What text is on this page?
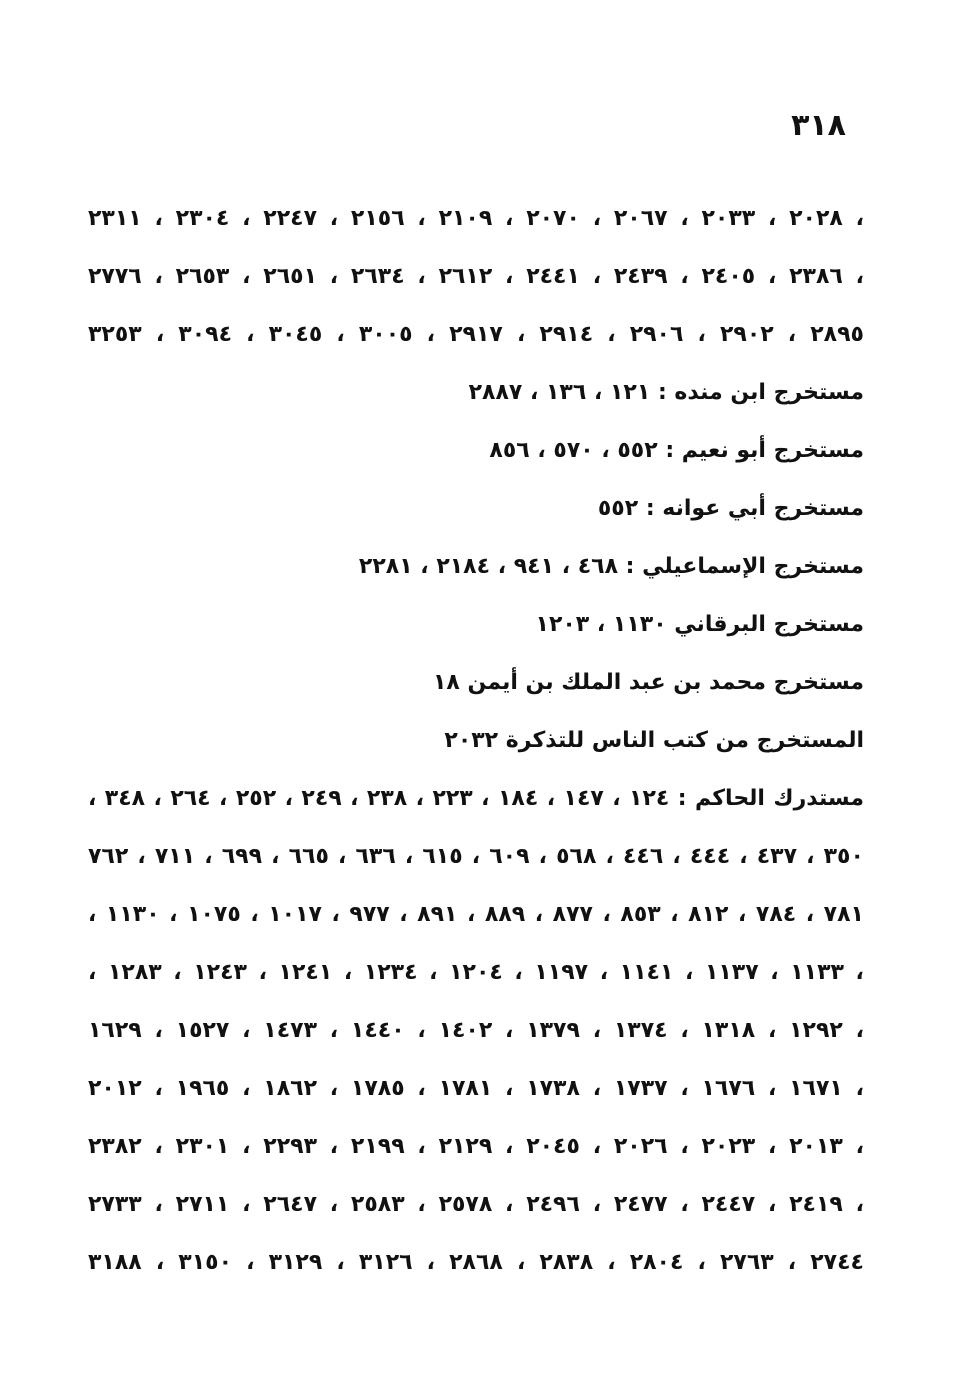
٣١٨
٢٠٢٨ ، ٢٠٣٣ ، ٢٠٦٧ ، ٢٠٧٠ ، ٢١٠٩ ، ٢١٥٦ ، ٢٢٤٧ ، ٢٣٠٤ ، ٢٣١١ ،
٢٣٨٦ ، ٢٤٠٥ ، ٢٤٣٩ ، ٢٤٤١ ، ٢٦١٢ ، ٢٦٣٤ ، ٢٦٥١ ، ٢٦٥٣ ، ٢٧٧٦ ،
٢٨٩٥ ، ٢٩٠٢ ، ٢٩٠٦ ، ٢٩١٤ ، ٢٩١٧ ، ٣٠٠٥ ، ٣٠٤٥ ، ٣٠٩٤ ، ٣٢٥٣
مستخرج ابن منده : ١٢١ ، ١٣٦ ، ٢٨٨٧
مستخرج أبو نعيم : ٥٥٢ ، ٥٧٠ ، ٨٥٦
مستخرج أبي عوانه : ٥٥٢
مستخرج الإسماعيلي : ٤٦٨ ، ٩٤١ ، ٢١٨٤ ، ٢٢٨١
مستخرج البرقاني ١١٣٠ ، ١٢٠٣
مستخرج محمد بن عبد الملك بن أيمن ١٨
المستخرج من كتب الناس للتذكرة ٢٠٣٢
مستدرك الحاكم : ١٢٤ ، ١٤٧ ، ١٨٤ ، ٢٢٣ ، ٢٣٨ ، ٢٤٩ ، ٢٥٢ ، ٢٦٤ ، ٣٤٨ ،
٣٥٠ ، ٤٣٧ ، ٤٤٤ ، ٤٤٦ ، ٥٦٨ ، ٦٠٩ ، ٦١٥ ، ٦٣٦ ، ٦٦٥ ، ٦٩٩ ، ٧١١ ، ٧٦٢
، ٧٨١ ، ٧٨٤ ، ٨١٢ ، ٨٥٣ ، ٨٧٧ ، ٨٨٩ ، ٨٩١ ، ٩٧٧ ، ١٠١٧ ، ١٠٧٥ ، ١١٣٠
، ١١٣٣ ، ١١٣٧ ، ١١٤١ ، ١١٩٧ ، ١٢٠٤ ، ١٢٣٤ ، ١٢٤١ ، ١٢٤٣ ، ١٢٨٣ ،
١٢٩٢ ، ١٣١٨ ، ١٣٧٤ ، ١٣٧٩ ، ١٤٠٢ ، ١٤٤٠ ، ١٤٧٣ ، ١٥٢٧ ، ١٦٢٩ ،
١٦٧١ ، ١٦٧٦ ، ١٧٣٧ ، ١٧٣٨ ، ١٧٨١ ، ١٧٨٥ ، ١٨٦٢ ، ١٩٦٥ ، ٢٠١٢ ،
٢٠١٣ ، ٢٠٢٣ ، ٢٠٢٦ ، ٢٠٤٥ ، ٢١٢٩ ، ٢١٩٩ ، ٢٢٩٣ ، ٢٣٠١ ، ٢٣٨٢ ،
٢٤١٩ ، ٢٤٤٧ ، ٢٤٧٧ ، ٢٤٩٦ ، ٢٥٧٨ ، ٢٥٨٣ ، ٢٦٤٧ ، ٢٧١١ ، ٢٧٣٣ ،
٢٧٤٤ ، ٢٧٦٣ ، ٢٨٠٤ ، ٢٨٣٨ ، ٢٨٦٨ ، ٣١٢٦ ، ٣١٢٩ ، ٣١٥٠ ، ٣١٨٨
